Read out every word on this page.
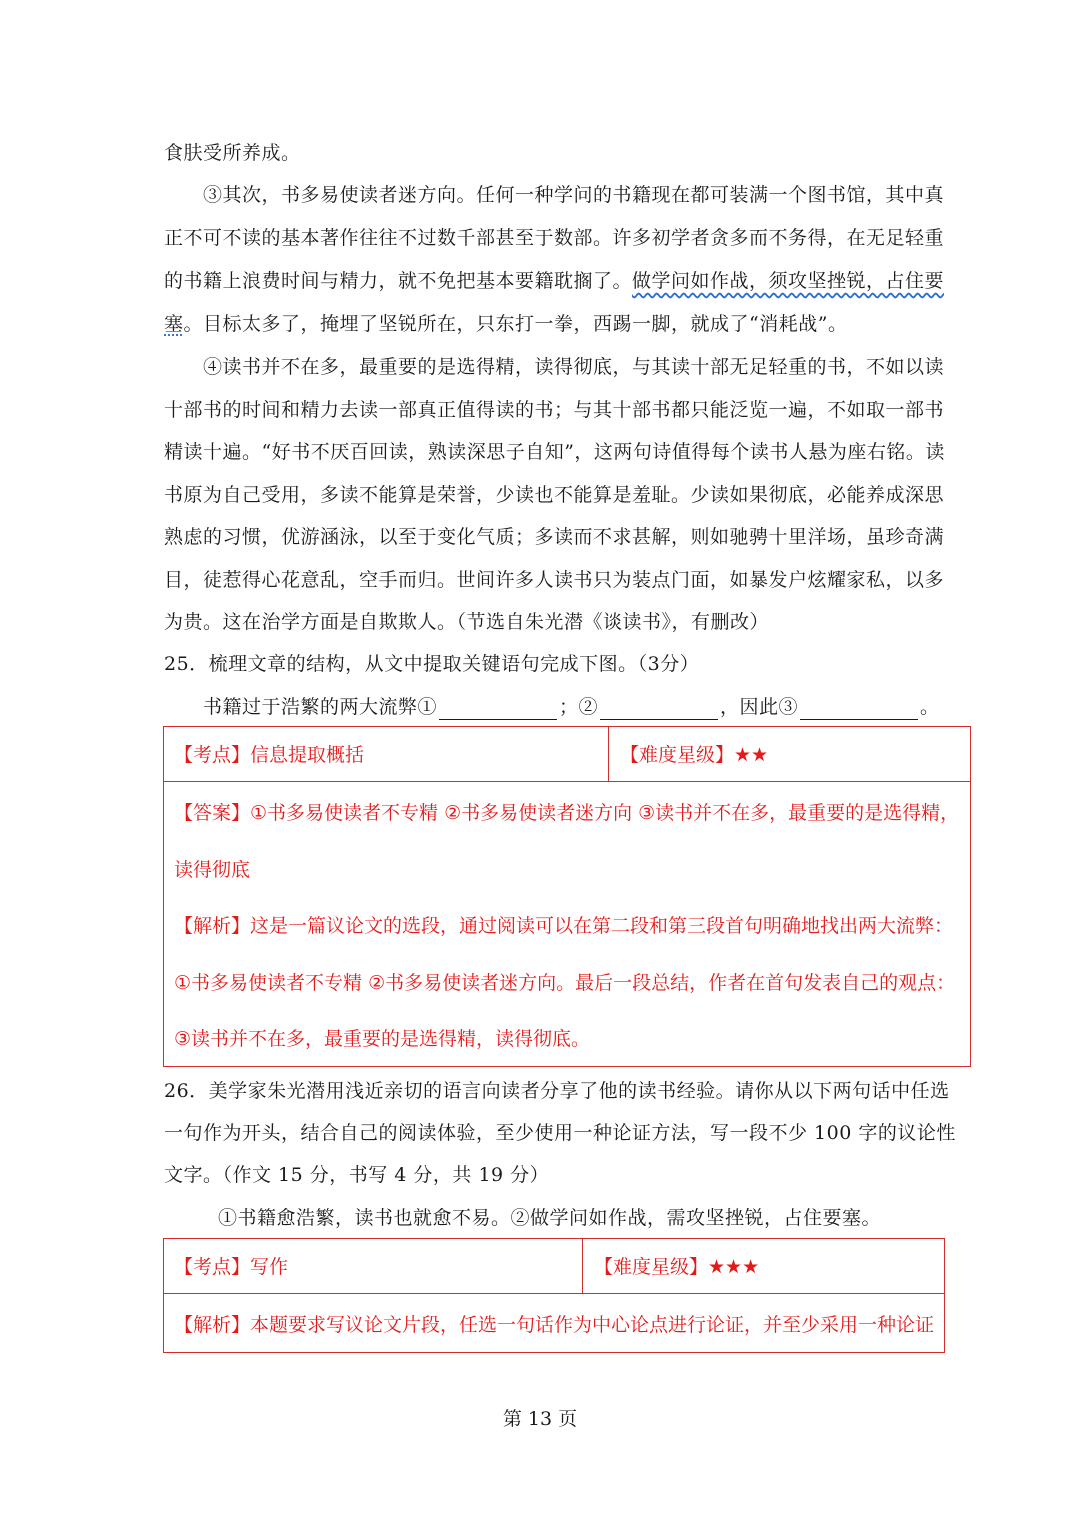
食肤受所养成。
③其次，书多易使读者迷方向。任何一种学问的书籍现在都可装满一个图书馆，其中真
正不可不读的基本著作往往不过数千部甚至于数部。许多初学者贪多而不务得，在无足轻重
的书籍上浪费时间与精力，就不免把基本要籍耽搁了。做学问如作战，须攻坚挫锐，占住要
塞。目标太多了，掩埋了坚锐所在，只东打一拳，西踢一脚，就成了“消耗战”。
④读书并不在多，最重要的是选得精，读得彻底，与其读十部无足轻重的书，不如以读
十部书的时间和精力去读一部真正值得读的书；与其十部书都只能泛览一遍，不如取一部书
精读十遍。“好书不厌百回读，熟读深思子自知”，这两句诗值得每个读书人悬为座右铭。读
书原为自己受用，多读不能算是荣誉，少读也不能算是羞耻。少读如果彻底，必能养成深思
熟虑的习惯，优游涵泳，以至于变化气质；多读而不求甚解，则如驰骋十里洋场，虽珍奇满
目，徒惹得心花意乱，空手而归。世间许多人读书只为装点门面，如暴发户炫耀家私，以多
为贵。这在治学方面是自欺欺人。（节选自朱光潜《谈读书》，有删改）
25．梳理文章的结构，从文中提取关键语句完成下图。（3分）
书籍过于浩繁的两大流弊①	；②	，因此③	。
【考点】信息提取概括	【难度星级】★★
【答案】①书多易使读者不专精 ②书多易使读者迷方向 ③读书并不在多，最重要的是选得精，
读得彻底
【解析】这是一篇议论文的选段，通过阅读可以在第二段和第三段首句明确地找出两大流弊：
①书多易使读者不专精 ②书多易使读者迷方向。最后一段总结，作者在首句发表自己的观点：
③读书并不在多，最重要的是选得精，读得彻底。
26．美学家朱光潜用浅近亲切的语言向读者分享了他的读书经验。请你从以下两句话中任选
一句作为开头，结合自己的阅读体验，至少使用一种论证方法，写一段不少 100 字的议论性
文字。（作文 15 分，书写 4 分，共 19 分）
①书籍愈浩繁，读书也就愈不易。②做学问如作战，需攻坚挫锐，占住要塞。
【考点】写作	【难度星级】★★★
【解析】本题要求写议论文片段，任选一句话作为中心论点进行论证，并至少采用一种论证
第 13 页
